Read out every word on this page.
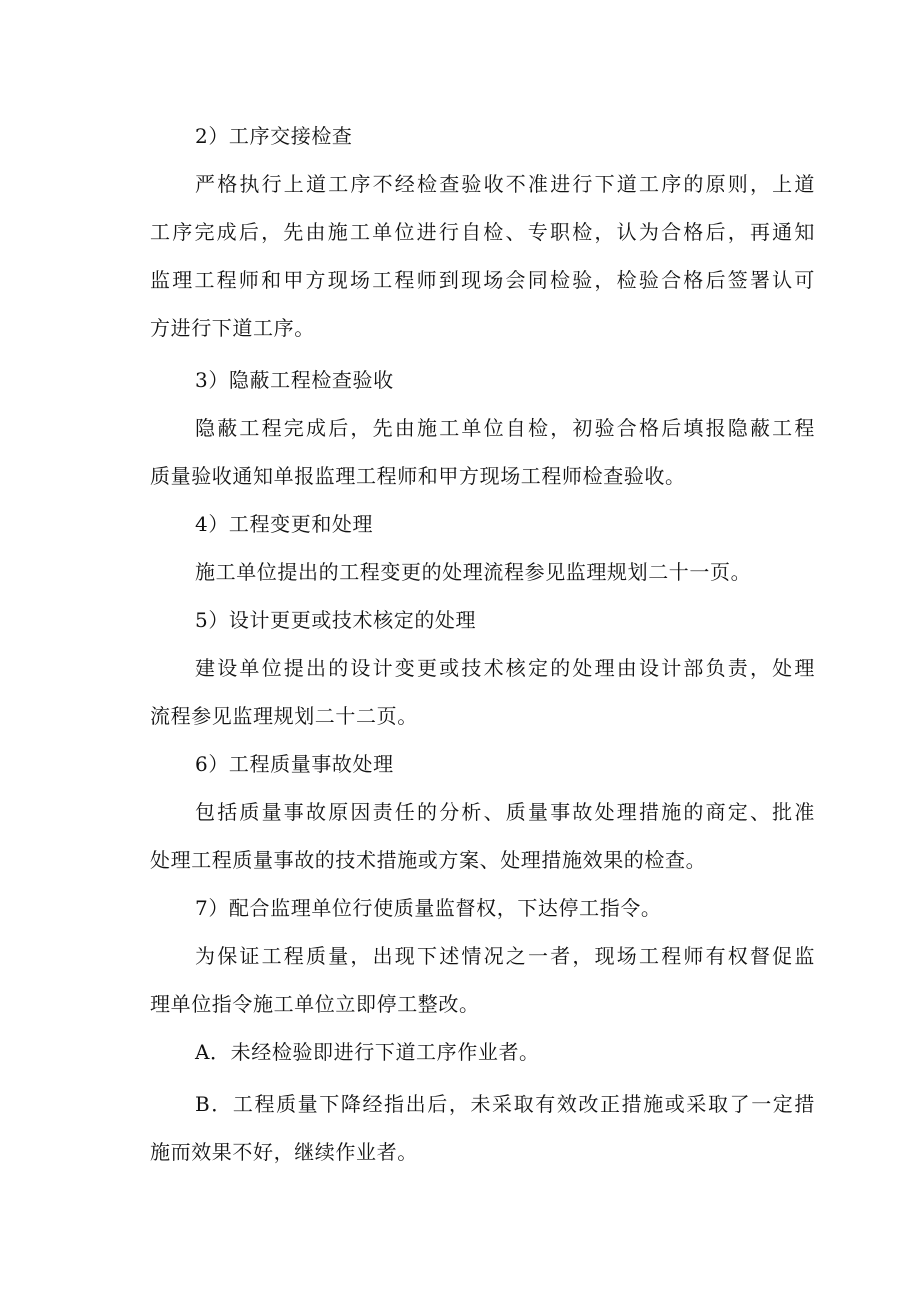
2）工序交接检查
严格执行上道工序不经检查验收不准进行下道工序的原则，上道
工序完成后，先由施工单位进行自检、专职检，认为合格后，再通知
监理工程师和甲方现场工程师到现场会同检验，检验合格后签署认可
方进行下道工序。
3）隐蔽工程检查验收
隐蔽工程完成后，先由施工单位自检，初验合格后填报隐蔽工程
质量验收通知单报监理工程师和甲方现场工程师检查验收。
4）工程变更和处理
施工单位提出的工程变更的处理流程参见监理规划二十一页。
5）设计更更或技术核定的处理
建设单位提出的设计变更或技术核定的处理由设计部负责，处理
流程参见监理规划二十二页。
6）工程质量事故处理
包括质量事故原因责任的分析、质量事故处理措施的商定、批准
处理工程质量事故的技术措施或方案、处理措施效果的检查。
7）配合监理单位行使质量监督权，下达停工指令。
为保证工程质量，出现下述情况之一者，现场工程师有权督促监
理单位指令施工单位立即停工整改。
A．未经检验即进行下道工序作业者。
B．工程质量下降经指出后，未采取有效改正措施或采取了一定措
施而效果不好，继续作业者。
